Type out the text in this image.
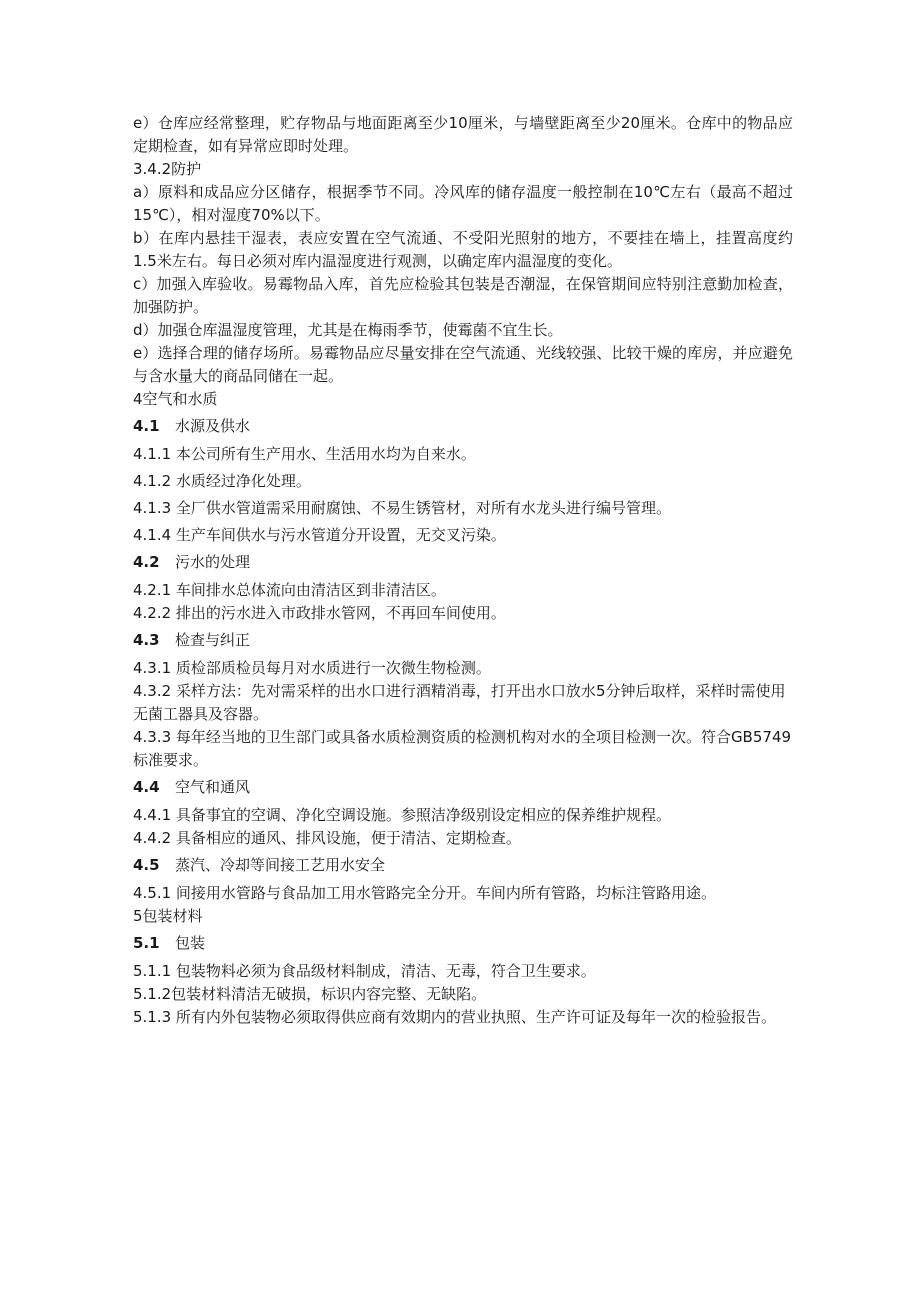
e）仓库应经常整理，贮存物品与地面距离至少10厘米，与墙壁距离至少20厘米。仓库中的物品应定期检查，如有异常应即时处理。

3.4.2防护

a）原料和成品应分区储存，根据季节不同。冷风库的储存温度一般控制在10℃左右（最高不超过15℃），相对湿度70%以下。

b）在库内悬挂干湿表，表应安置在空气流通、不受阳光照射的地方，不要挂在墙上，挂置高度约1.5米左右。每日必须对库内温湿度进行观测，以确定库内温湿度的变化。

c）加强入库验收。易霉物品入库，首先应检验其包装是否潮湿，在保管期间应特别注意勤加检查，加强防护。

d）加强仓库温湿度管理，尤其是在梅雨季节，使霉菌不宜生长。

e）选择合理的储存场所。易霉物品应尽量安排在空气流通、光线较强、比较干燥的库房，并应避免与含水量大的商品同储在一起。

4空气和水质

4.1 水源及供水

4.1.1 本公司所有生产用水、生活用水均为自来水。

4.1.2 水质经过净化处理。

4.1.3 全厂供水管道需采用耐腐蚀、不易生锈管材，对所有水龙头进行编号管理。

4.1.4 生产车间供水与污水管道分开设置，无交叉污染。

4.2 污水的处理

4.2.1 车间排水总体流向由清洁区到非清洁区。

4.2.2 排出的污水进入市政排水管网，不再回车间使用。

4.3 检查与纠正

4.3.1 质检部质检员每月对水质进行一次微生物检测。

4.3.2 采样方法：先对需采样的出水口进行酒精消毒，打开出水口放水5分钟后取样，采样时需使用无菌工器具及容器。

4.3.3 每年经当地的卫生部门或具备水质检测资质的检测机构对水的全项目检测一次。符合GB5749标准要求。

4.4 空气和通风

4.4.1 具备事宜的空调、净化空调设施。参照洁净级别设定相应的保养维护规程。

4.4.2 具备相应的通风、排风设施，便于清洁、定期检查。

4.5 蒸汽、冷却等间接工艺用水安全

4.5.1 间接用水管路与食品加工用水管路完全分开。车间内所有管路，均标注管路用途。

5包装材料

5.1 包装

5.1.1 包装物料必须为食品级材料制成，清洁、无毒，符合卫生要求。

5.1.2包装材料清洁无破损，标识内容完整、无缺陷。

5.1.3 所有内外包装物必须取得供应商有效期内的营业执照、生产许可证及每年一次的检验报告。
